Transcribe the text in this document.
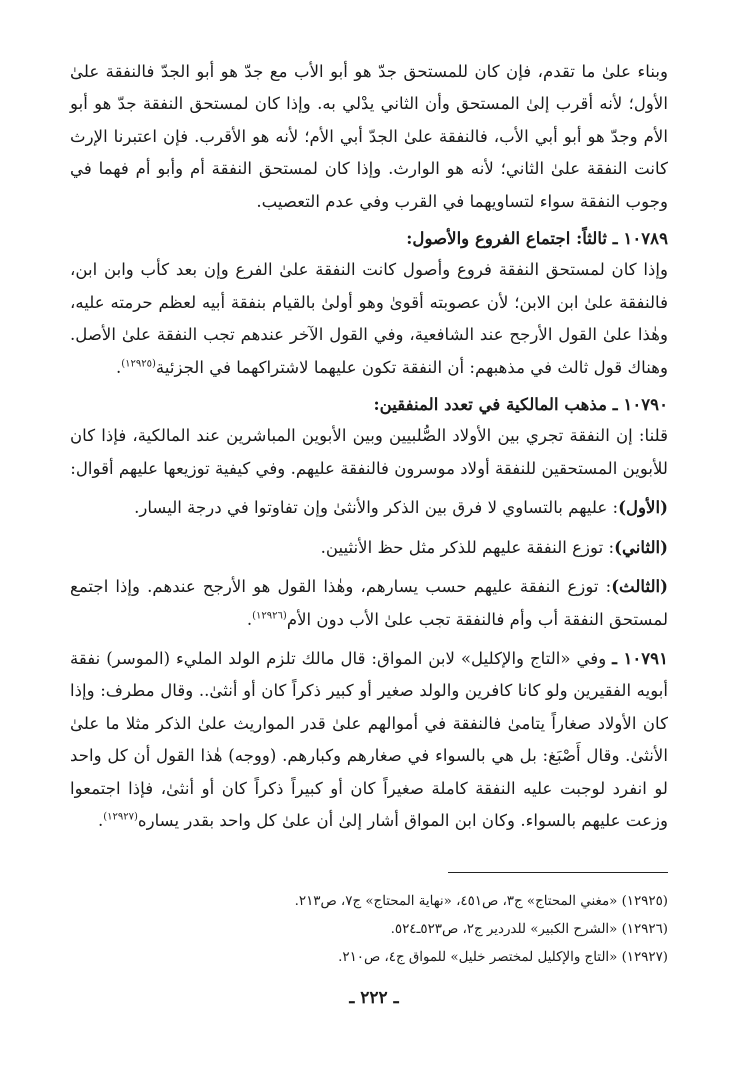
وبناء علىٰ ما تقدم، فإن كان للمستحق جدّ هو أبو الأب مع جدّ هو أبو الجدّ فالنفقة علىٰ الأول؛ لأنه أقرب إلىٰ المستحق وأن الثاني يدْلي به. وإذا كان لمستحق النفقة جدّ هو أبو الأم وجدّ هو أبو أبي الأب، فالنفقة علىٰ الجدّ أبي الأم؛ لأنه هو الأقرب. فإن اعتبرنا الإرث كانت النفقة علىٰ الثاني؛ لأنه هو الوارث. وإذا كان لمستحق النفقة أم وأبو أم فهما في وجوب النفقة سواء لتساويهما في القرب وفي عدم التعصيب.

١٠٧٨٩ ـ ثالثاً: اجتماع الفروع والأصول:

وإذا كان لمستحق النفقة فروع وأصول كانت النفقة علىٰ الفرع وإن بعد كأب وابن ابن، فالنفقة علىٰ ابن الابن؛ لأن عصوبته أقوىٰ وهو أولىٰ بالقيام بنفقة أبيه لعظم حرمته عليه، وهٰذا علىٰ القول الأرجح عند الشافعية، وفي القول الآخر عندهم تجب النفقة علىٰ الأصل. وهناك قول ثالث في مذهبهم: أن النفقة تكون عليهما لاشتراكهما في الجزئية$^{(١٢٩٢٥)}$.

١٠٧٩٠ ـ مذهب المالكية في تعدد المنفقين:

قلنا: إن النفقة تجري بين الأولاد الصُّلبيين وبين الأبوين المباشرين عند المالكية، فإذا كان للأبوين المستحقين للنفقة أولاد موسرون فالنفقة عليهم. وفي كيفية توزيعها عليهم أقوال:

(الأول): عليهم بالتساوي لا فرق بين الذكر والأنثىٰ وإن تفاوتوا في درجة اليسار.

(الثاني): توزع النفقة عليهم للذكر مثل حظ الأنثيين.

(الثالث): توزع النفقة عليهم حسب يسارهم، وهٰذا القول هو الأرجح عندهم. وإذا اجتمع لمستحق النفقة أب وأم فالنفقة تجب علىٰ الأب دون الأم$^{(١٢٩٢٦)}$.

١٠٧٩١ ـ وفي «التاج والإكليل» لابن المواق: قال مالك تلزم الولد المليء (الموسر) نفقة أبويه الفقيرين ولو كانا كافرين والولد صغير أو كبير ذكراً كان أو أنثىٰ.. وقال مطرف: وإذا كان الأولاد صغاراً يتامىٰ فالنفقة في أموالهم علىٰ قدر المواريث علىٰ الذكر مثلا ما علىٰ الأنثىٰ. وقال أَصْبَغ: بل هي بالسواء في صغارهم وكبارهم. (ووجه) هٰذا القول أن كل واحد لو انفرد لوجبت عليه النفقة كاملة صغيراً كان أو كبيراً ذكراً كان أو أنثىٰ، فإذا اجتمعوا وزعت عليهم بالسواء. وكان ابن المواق أشار إلىٰ أن علىٰ كل واحد بقدر يساره$^{(١٢٩٢٧)}$.

(١٢٩٢٥) «مغني المحتاج» ج٣، ص٤٥١، «نهاية المحتاج» ج٧، ص٢١٣.

(١٢٩٢٦) «الشرح الكبير» للدردير ج٢، ص٥٢٣ـ٥٢٤.

(١٢٩٢٧) «التاج والإكليل لمختصر خليل» للمواق ج٤، ص٢١٠.

ـ ٢٢٢ ـ
